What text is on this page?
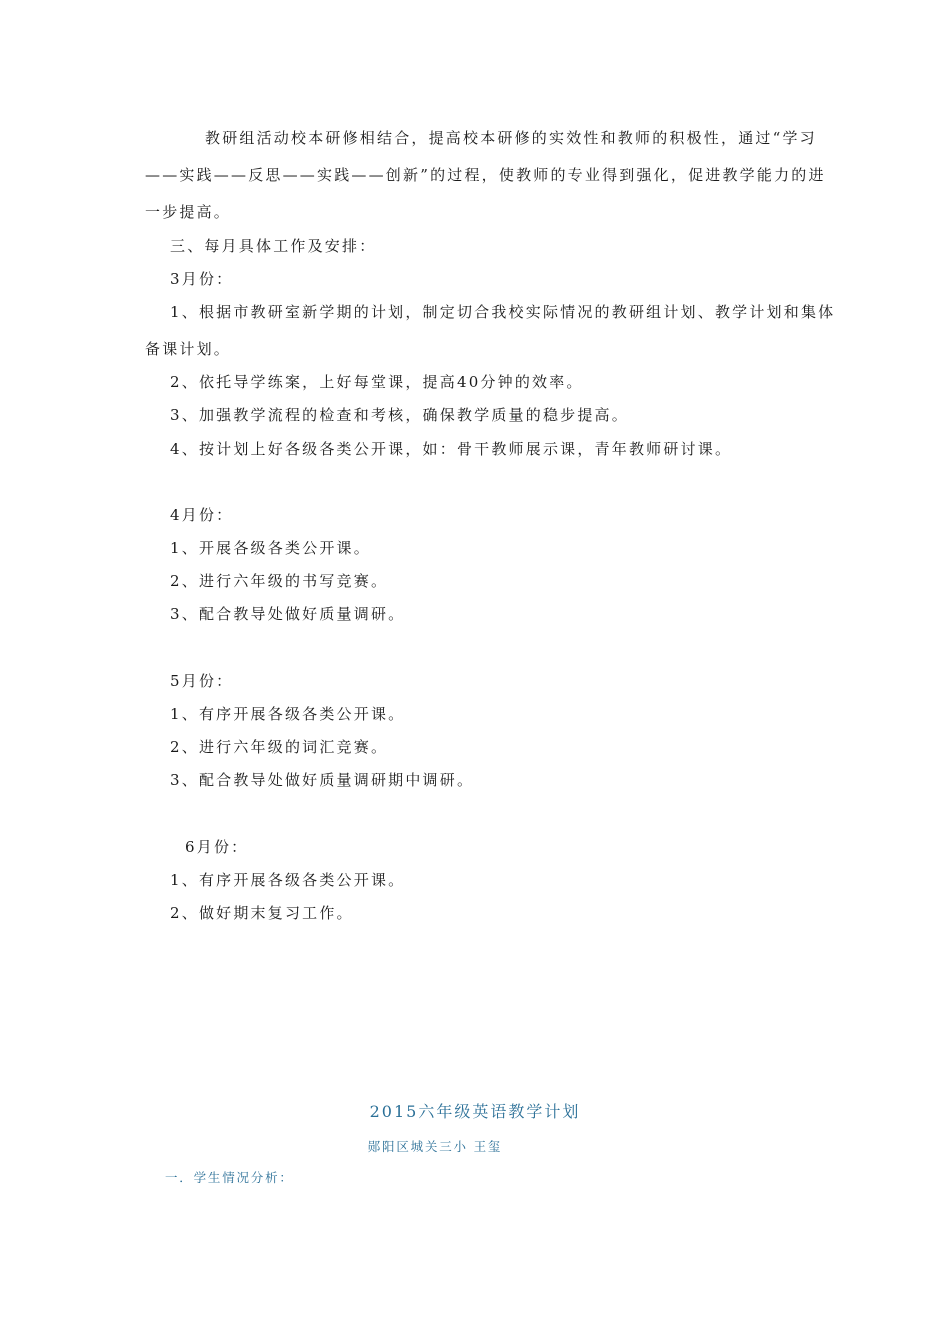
教研组活动校本研修相结合，提高校本研修的实效性和教师的积极性，通过“学习
——实践——反思——实践——创新”的过程，使教师的专业得到强化，促进教学能力的进
一步提高。
三、每月具体工作及安排：
3月份：
1、根据市教研室新学期的计划，制定切合我校实际情况的教研组计划、教学计划和集体
备课计划。
2、依托导学练案，上好每堂课，提高40分钟的效率。
3、加强教学流程的检查和考核，确保教学质量的稳步提高。
4、按计划上好各级各类公开课，如：骨干教师展示课，青年教师研讨课。
4月份：
1、开展各级各类公开课。
2、进行六年级的书写竞赛。
3、配合教导处做好质量调研。
5月份：
1、有序开展各级各类公开课。
2、进行六年级的词汇竞赛。
3、配合教导处做好质量调研期中调研。
6月份：
1、有序开展各级各类公开课。
2、做好期末复习工作。
2015六年级英语教学计划
郧阳区城关三小 王玺
一．学生情况分析：
